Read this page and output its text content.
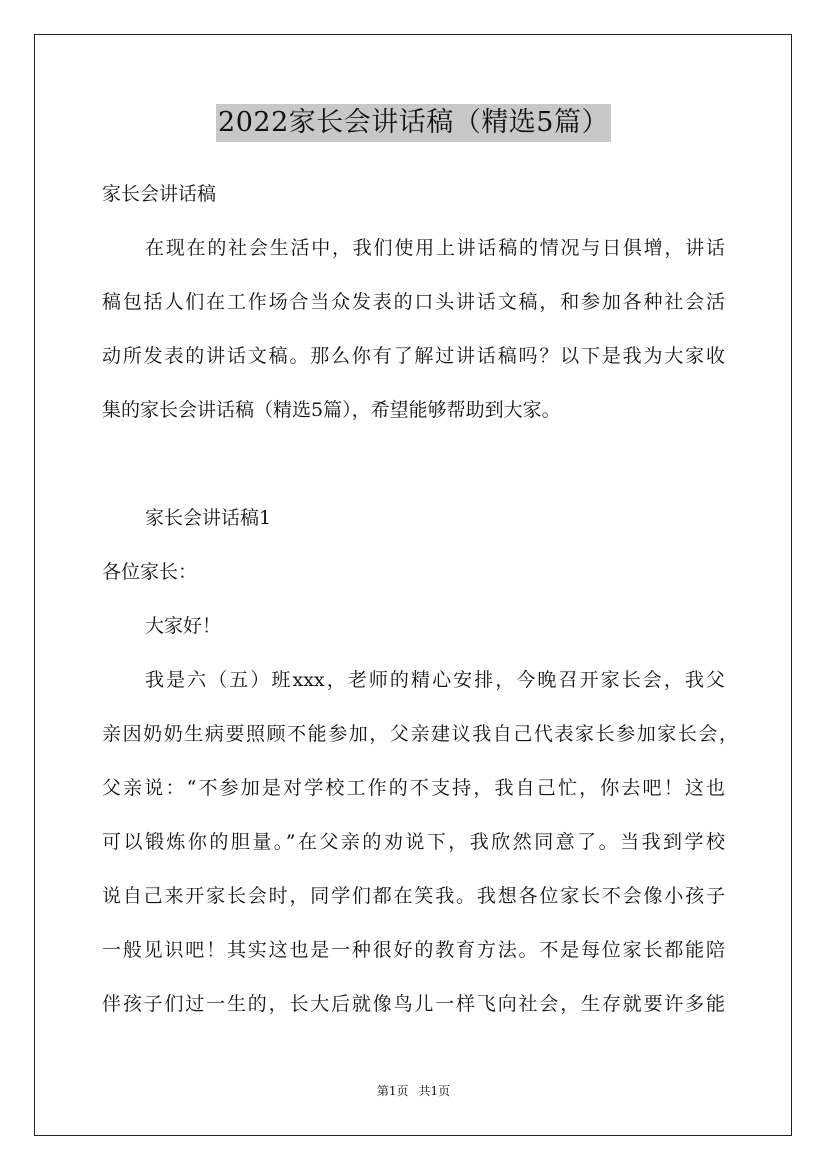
2022家长会讲话稿（精选5篇）
家长会讲话稿
在现在的社会生活中，我们使用上讲话稿的情况与日俱增，讲话
稿包括人们在工作场合当众发表的口头讲话文稿，和参加各种社会活
动所发表的讲话文稿。那么你有了解过讲话稿吗？以下是我为大家收
集的家长会讲话稿（精选5篇），希望能够帮助到大家。
家长会讲话稿1
各位家长：
大家好！
我是六（五）班xxx，老师的精心安排，今晚召开家长会，我父
亲因奶奶生病要照顾不能参加，父亲建议我自己代表家长参加家长会，
父亲说：“不参加是对学校工作的不支持，我自己忙，你去吧！这也
可以锻炼你的胆量。”在父亲的劝说下，我欣然同意了。当我到学校
说自己来开家长会时，同学们都在笑我。我想各位家长不会像小孩子
一般见识吧！其实这也是一种很好的教育方法。不是每位家长都能陪
伴孩子们过一生的，长大后就像鸟儿一样飞向社会，生存就要许多能
第1页 共1页
